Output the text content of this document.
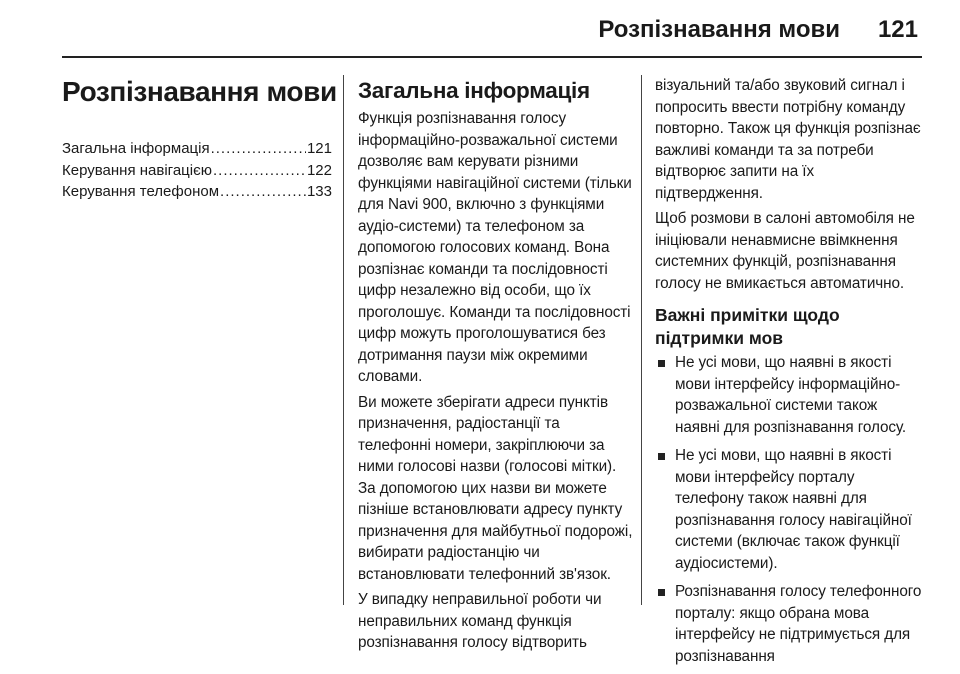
Розпізнавання мови 121
Розпізнавання мови
Загальна інформація .....	121
Керування навігацією .....	122
Керування телефоном .....	133
Загальна інформація

Функція розпізнавання голосу інформаційно-розважальної системи дозволяє вам керувати різними функціями навігаційної системи (тільки для Navi 900, включно з функціями аудіо-системи) та телефоном за допомогою голосових команд. Вона розпізнає команди та послідовності цифр незалежно від особи, що їх проголошує. Команди та послідовності цифр можуть проголошуватися без дотримання паузи між окремими словами.

Ви можете зберігати адреси пунктів призначення, радіостанції та телефонні номери, закріплюючи за ними голосові назви (голосові мітки). За допомогою цих назви ви можете пізніше встановлювати адресу пункту призначення для майбутньої подорожі, вибирати радіостанцію чи встановлювати телефонний зв'язок.

У випадку неправильної роботи чи неправильних команд функція розпізнавання голосу відтворить

візуальний та/або звуковий сигнал і попросить ввести потрібну команду повторно. Також ця функція розпізнає важливі команди та за потреби відтворює запити на їх підтвердження.

Щоб розмови в салоні автомобіля не ініціювали ненавмисне ввімкнення системних функцій, розпізнавання голосу не вмикається автоматично.

Важні примітки щодо підтримки мов
Не усі мови, що наявні в якості мови інтерфейсу інформаційно-розважальної системи також наявні для розпізнавання голосу.
Не усі мови, що наявні в якості мови інтерфейсу порталу телефону також наявні для розпізнавання голосу навігаційної системи (включає також функції аудіосистеми).
Розпізнавання голосу телефонного порталу: якщо обрана мова інтерфейсу не підтримується для розпізнавання
